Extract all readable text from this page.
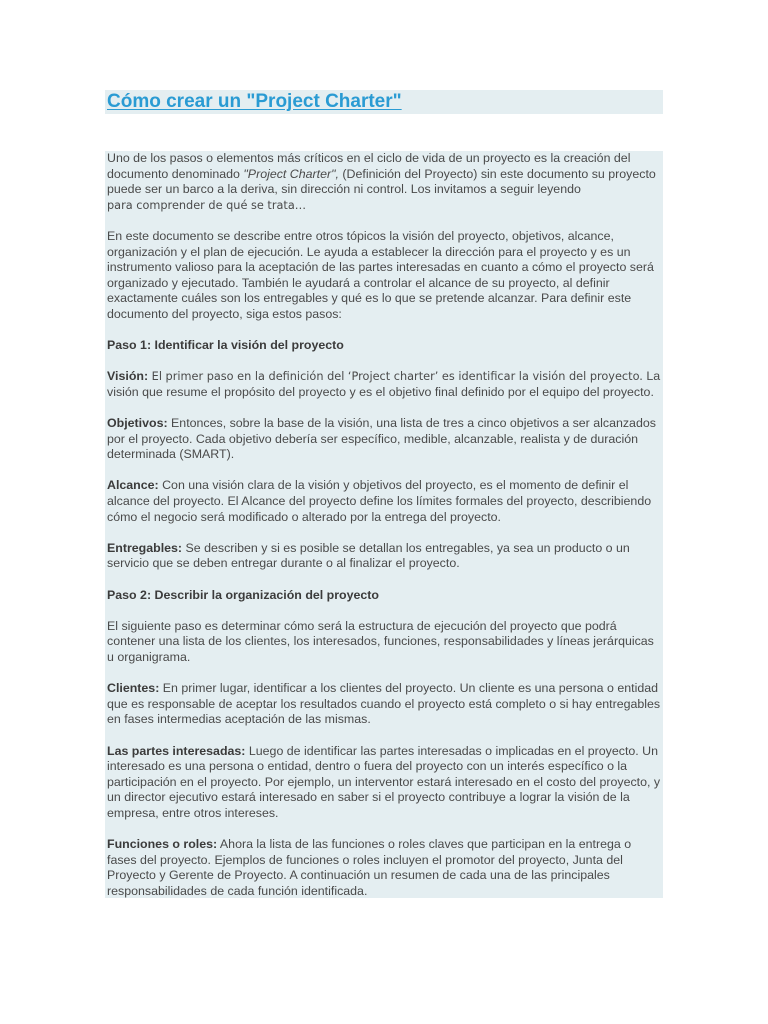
Cómo crear un "Project Charter"

Uno de los pasos o elementos más críticos en el ciclo de vida de un proyecto es la creación del documento denominado "Project Charter", (Definición del Proyecto) sin este documento su proyecto puede ser un barco a la deriva, sin dirección ni control. Los invitamos a seguir leyendo
para comprender de qué se trata…

En este documento se describe entre otros tópicos la visión del proyecto, objetivos, alcance, organización y el plan de ejecución. Le ayuda a establecer la dirección para el proyecto y es un instrumento valioso para la aceptación de las partes interesadas en cuanto a cómo el proyecto será organizado y ejecutado. También le ayudará a controlar el alcance de su proyecto, al definir exactamente cuáles son los entregables y qué es lo que se pretende alcanzar. Para definir este documento del proyecto, siga estos pasos:

Paso 1: Identificar la visión del proyecto

Visión: El primer paso en la definición del ‘Project charter’ es identificar la visión del proyecto. La visión que resume el propósito del proyecto y es el objetivo final definido por el equipo del proyecto.

Objetivos: Entonces, sobre la base de la visión, una lista de tres a cinco objetivos a ser alcanzados por el proyecto. Cada objetivo debería ser específico, medible, alcanzable, realista y de duración determinada (SMART).

Alcance: Con una visión clara de la visión y objetivos del proyecto, es el momento de definir el alcance del proyecto. El Alcance del proyecto define los límites formales del proyecto, describiendo cómo el negocio será modificado o alterado por la entrega del proyecto.

Entregables: Se describen y si es posible se detallan los entregables, ya sea un producto o un servicio que se deben entregar durante o al finalizar el proyecto.

Paso 2: Describir la organización del proyecto

El siguiente paso es determinar cómo será la estructura de ejecución del proyecto que podrá contener una lista de los clientes, los interesados, funciones, responsabilidades y líneas jerárquicas u organigrama.

Clientes: En primer lugar, identificar a los clientes del proyecto. Un cliente es una persona o entidad que es responsable de aceptar los resultados cuando el proyecto está completo o si hay entregables en fases intermedias aceptación de las mismas.

Las partes interesadas: Luego de identificar las partes interesadas o implicadas en el proyecto. Un interesado es una persona o entidad, dentro o fuera del proyecto con un interés específico o la participación en el proyecto. Por ejemplo, un interventor estará interesado en el costo del proyecto, y un director ejecutivo estará interesado en saber si el proyecto contribuye a lograr la visión de la empresa, entre otros intereses.

Funciones o roles: Ahora la lista de las funciones o roles claves que participan en la entrega o fases del proyecto. Ejemplos de funciones o roles incluyen el promotor del proyecto, Junta del Proyecto y Gerente de Proyecto. A continuación un resumen de cada una de las principales responsabilidades de cada función identificada.
